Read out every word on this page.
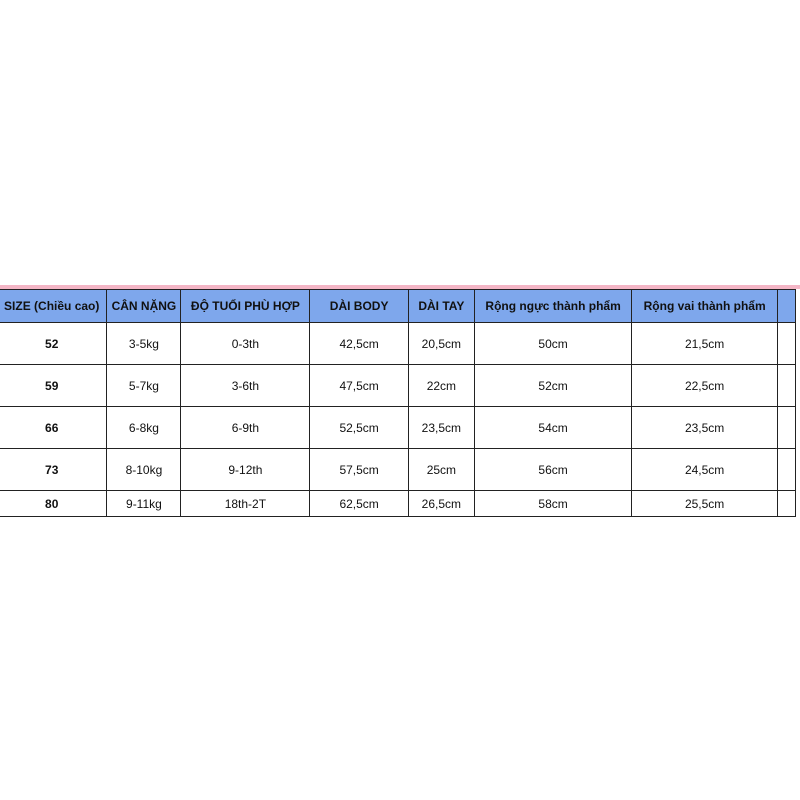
SIZE (Chiều cao)	CÂN NẶNG	ĐỘ TUỔI PHÙ HỢP	DÀI BODY	DÀI TAY	Rộng ngực thành phẩm	Rộng vai thành phẩm	
52	3-5kg	0-3th	42,5cm	20,5cm	50cm	21,5cm	
59	5-7kg	3-6th	47,5cm	22cm	52cm	22,5cm	
66	6-8kg	6-9th	52,5cm	23,5cm	54cm	23,5cm	
73	8-10kg	9-12th	57,5cm	25cm	56cm	24,5cm	
80	9-11kg	18th-2T	62,5cm	26,5cm	58cm	25,5cm	
